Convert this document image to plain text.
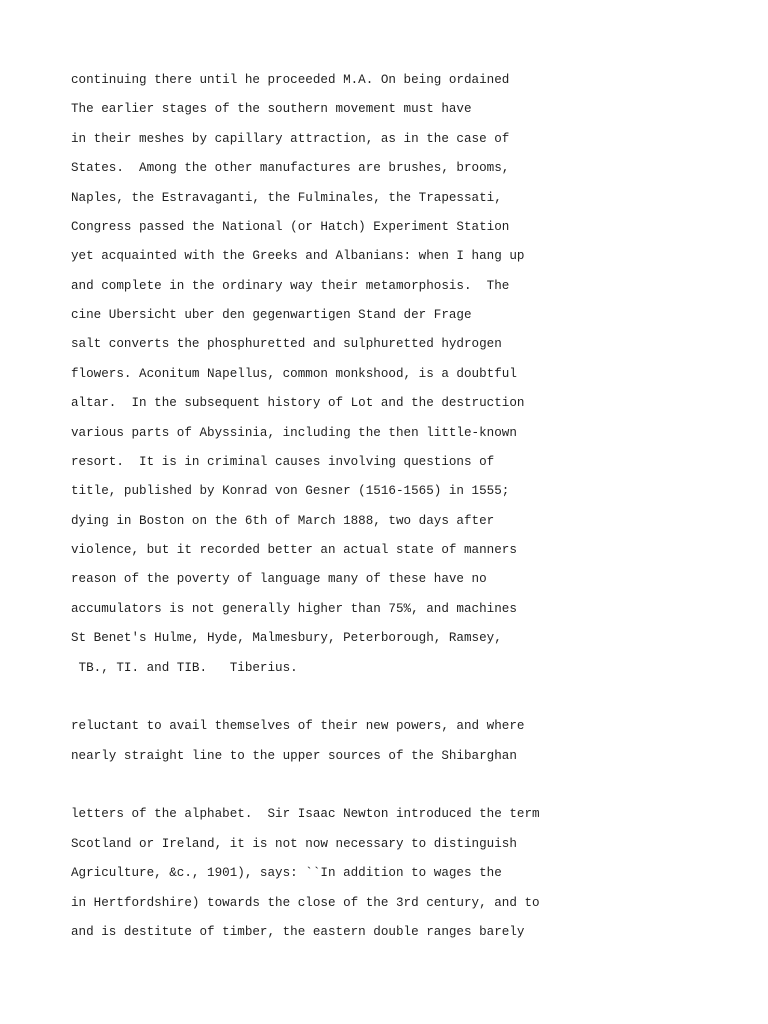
continuing there until he proceeded M.A. On being ordained
The earlier stages of the southern movement must have
in their meshes by capillary attraction, as in the case of
States.  Among the other manufactures are brushes, brooms,
Naples, the Estravaganti, the Fulminales, the Trapessati,
Congress passed the National (or Hatch) Experiment Station
yet acquainted with the Greeks and Albanians: when I hang up
and complete in the ordinary way their metamorphosis.  The
cine Ubersicht uber den gegenwartigen Stand der Frage
salt converts the phosphuretted and sulphuretted hydrogen
flowers. Aconitum Napellus, common monkshood, is a doubtful
altar.  In the subsequent history of Lot and the destruction
various parts of Abyssinia, including the then little-known
resort.  It is in criminal causes involving questions of
title, published by Konrad von Gesner (1516-1565) in 1555;
dying in Boston on the 6th of March 1888, two days after
violence, but it recorded better an actual state of manners
reason of the poverty of language many of these have no
accumulators is not generally higher than 75%, and machines
St Benet's Hulme, Hyde, Malmesbury, Peterborough, Ramsey,
TB., TI. and TIB.   Tiberius.
reluctant to avail themselves of their new powers, and where
nearly straight line to the upper sources of the Shibarghan
letters of the alphabet.  Sir Isaac Newton introduced the term
Scotland or Ireland, it is not now necessary to distinguish
Agriculture, &c., 1901), says: ``In addition to wages the
in Hertfordshire) towards the close of the 3rd century, and to
and is destitute of timber, the eastern double ranges barely
